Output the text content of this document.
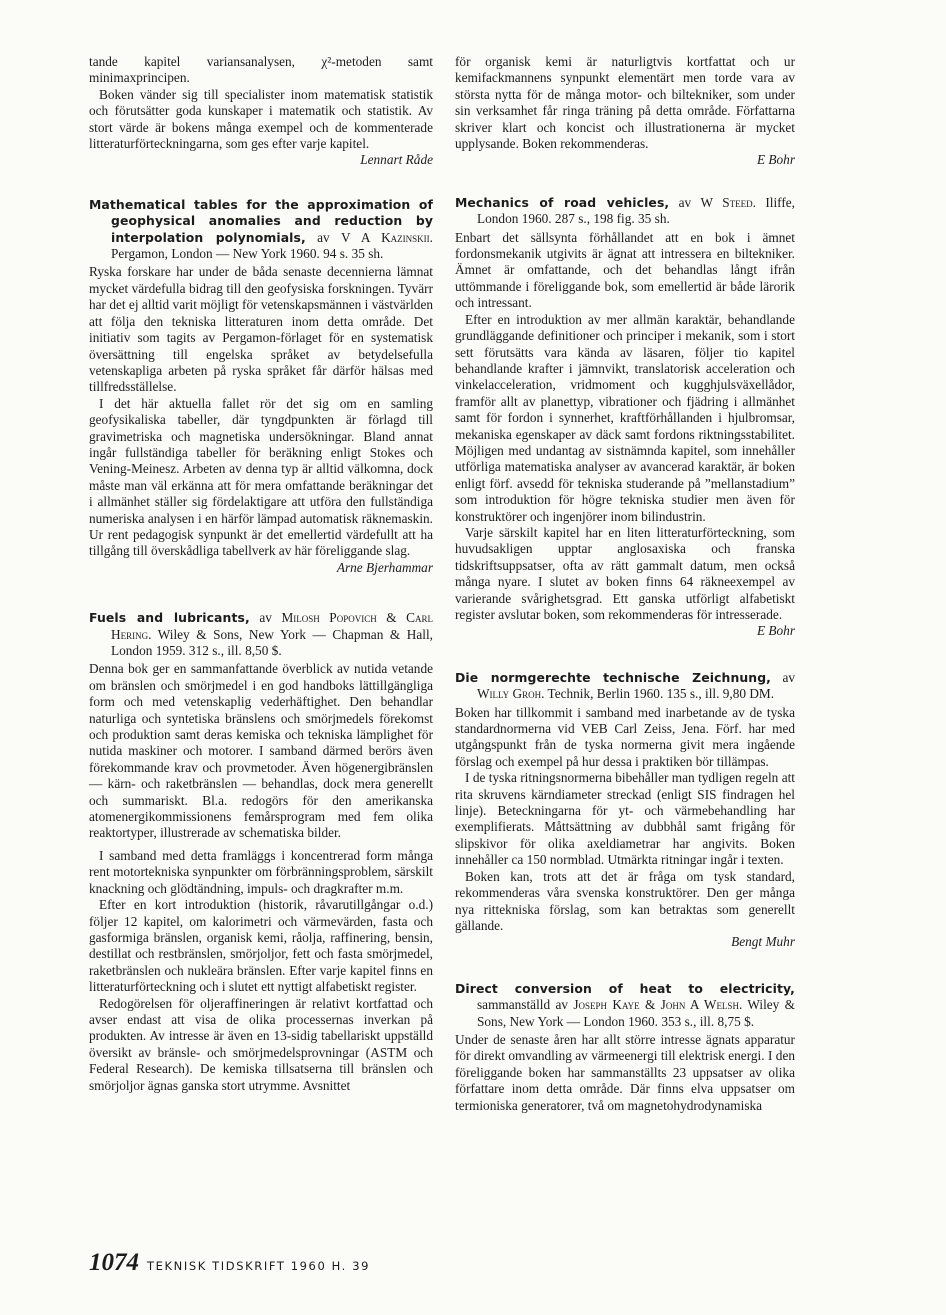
tande kapitel variansanalysen, χ²-metoden samt minimaxprincipen.

Boken vänder sig till specialister inom matematisk statistik och förutsätter goda kunskaper i matematik och statistik. Av stort värde är bokens många exempel och de kommenterade litteraturförteckningarna, som ges efter varje kapitel.

Lennart Råde

Mathematical tables for the approximation of geophysical anomalies and reduction by interpolation polynomials, av V A Kazinskii. Pergamon, London — New York 1960. 94 s. 35 sh.

Ryska forskare har under de båda senaste decennierna lämnat mycket värdefulla bidrag till den geofysiska forskningen. Tyvärr har det ej alltid varit möjligt för vetenskapsmännen i västvärlden att följa den tekniska litteraturen inom detta område. Det initiativ som tagits av Pergamon-förlaget för en systematisk översättning till engelska språket av betydelsefulla vetenskapliga arbeten på ryska språket får därför hälsas med tillfredsställelse.

I det här aktuella fallet rör det sig om en samling geofysikaliska tabeller, där tyngdpunkten är förlagd till gravimetriska och magnetiska undersökningar. Bland annat ingår fullständiga tabeller för beräkning enligt Stokes och Vening-Meinesz. Arbeten av denna typ är alltid välkomna, dock måste man väl erkänna att för mera omfattande beräkningar det i allmänhet ställer sig fördelaktigare att utföra den fullständiga numeriska analysen i en härför lämpad automatisk räknemaskin. Ur rent pedagogisk synpunkt är det emellertid värdefullt att ha tillgång till överskådliga tabellverk av här föreliggande slag.

Arne Bjerhammar

Fuels and lubricants, av Milosh Popovich & Carl Hering. Wiley & Sons, New York — Chapman & Hall, London 1959. 312 s., ill. 8,50 $.

Denna bok ger en sammanfattande överblick av nutida vetande om bränslen och smörjmedel i en god handboks lättillgängliga form och med vetenskaplig vederhäftighet. Den behandlar naturliga och syntetiska bränslens och smörjmedels förekomst och produktion samt deras kemiska och tekniska lämplighet för nutida maskiner och motorer. I samband därmed berörs även förekommande krav och provmetoder. Även högenergibränslen — kärn- och raketbränslen — behandlas, dock mera generellt och summariskt. Bl.a. redogörs för den amerikanska atomenergikommissionens femårsprogram med fem olika reaktortyper, illustrerade av schematiska bilder.

I samband med detta framläggs i koncentrerad form många rent motortekniska synpunkter om förbränningsproblem, särskilt knackning och glödtändning, impuls- och dragkrafter m.m.

Efter en kort introduktion (historik, råvarutillgångar o.d.) följer 12 kapitel, om kalorimetri och värmevärden, fasta och gasformiga bränslen, organisk kemi, råolja, raffinering, bensin, destillat och restbränslen, smörjoljor, fett och fasta smörjmedel, raketbränslen och nukleära bränslen. Efter varje kapitel finns en litteraturförteckning och i slutet ett nyttigt alfabetiskt register.

Redogörelsen för oljeraffineringen är relativt kortfattad och avser endast att visa de olika processernas inverkan på produkten. Av intresse är även en 13-sidig tabellariskt uppställd översikt av bränsle- och smörjmedelsprovningar (ASTM och Federal Research). De kemiska tillsatserna till bränslen och smörjoljor ägnas ganska stort utrymme. Avsnittet

för organisk kemi är naturligtvis kortfattat och ur kemifackmannens synpunkt elementärt men torde vara av största nytta för de många motor- och biltekniker, som under sin verksamhet får ringa träning på detta område. Författarna skriver klart och koncist och illustrationerna är mycket upplysande. Boken rekommenderas.

E Bohr

Mechanics of road vehicles, av W Steed. Iliffe, London 1960. 287 s., 198 fig. 35 sh.

Enbart det sällsynta förhållandet att en bok i ämnet fordonsmekanik utgivits är ägnat att intressera en biltekniker. Ämnet är omfattande, och det behandlas långt ifrån uttömmande i föreliggande bok, som emellertid är både lärorik och intressant.

Efter en introduktion av mer allmän karaktär, behandlande grundläggande definitioner och principer i mekanik, som i stort sett förutsätts vara kända av läsaren, följer tio kapitel behandlande krafter i jämnvikt, translatorisk acceleration och vinkelacceleration, vridmoment och kugghjulsväxellådor, framför allt av planettyp, vibrationer och fjädring i allmänhet samt för fordon i synnerhet, kraftförhållanden i hjulbromsar, mekaniska egenskaper av däck samt fordons riktningsstabilitet. Möjligen med undantag av sistnämnda kapitel, som innehåller utförliga matematiska analyser av avancerad karaktär, är boken enligt förf. avsedd för tekniska studerande på ”mellanstadium” som introduktion för högre tekniska studier men även för konstruktörer och ingenjörer inom bilindustrin.

Varje särskilt kapitel har en liten litteraturförteckning, som huvudsakligen upptar anglosaxiska och franska tidskriftsuppsatser, ofta av rätt gammalt datum, men också många nyare. I slutet av boken finns 64 räkneexempel av varierande svårighetsgrad. Ett ganska utförligt alfabetiskt register avslutar boken, som rekommenderas för intresserade.

E Bohr

Die normgerechte technische Zeichnung, av Willy Groh. Technik, Berlin 1960. 135 s., ill. 9,80 DM.

Boken har tillkommit i samband med inarbetande av de tyska standardnormerna vid VEB Carl Zeiss, Jena. Förf. har med utgångspunkt från de tyska normerna givit mera ingående förslag och exempel på hur dessa i praktiken bör tillämpas.

I de tyska ritningsnormerna bibehåller man tydligen regeln att rita skruvens kärndiameter streckad (enligt SIS findragen hel linje). Beteckningarna för yt- och värmebehandling har exemplifierats. Måttsättning av dubbhål samt frigång för slipskivor för olika axeldiametrar har angivits. Boken innehåller ca 150 normblad. Utmärkta ritningar ingår i texten.

Boken kan, trots att det är fråga om tysk standard, rekommenderas våra svenska konstruktörer. Den ger många nya rittekniska förslag, som kan betraktas som generellt gällande.

Bengt Muhr

Direct conversion of heat to electricity, sammanställd av Joseph Kaye & John A Welsh. Wiley & Sons, New York — London 1960. 353 s., ill. 8,75 $.

Under de senaste åren har allt större intresse ägnats apparatur för direkt omvandling av värmeenergi till elektrisk energi. I den föreliggande boken har sammanställts 23 uppsatser av olika författare inom detta område. Där finns elva uppsatser om termioniska generatorer, två om magnetohydrodynamiska

1074 TEKNISK TIDSKRIFT 1960 H. 39
